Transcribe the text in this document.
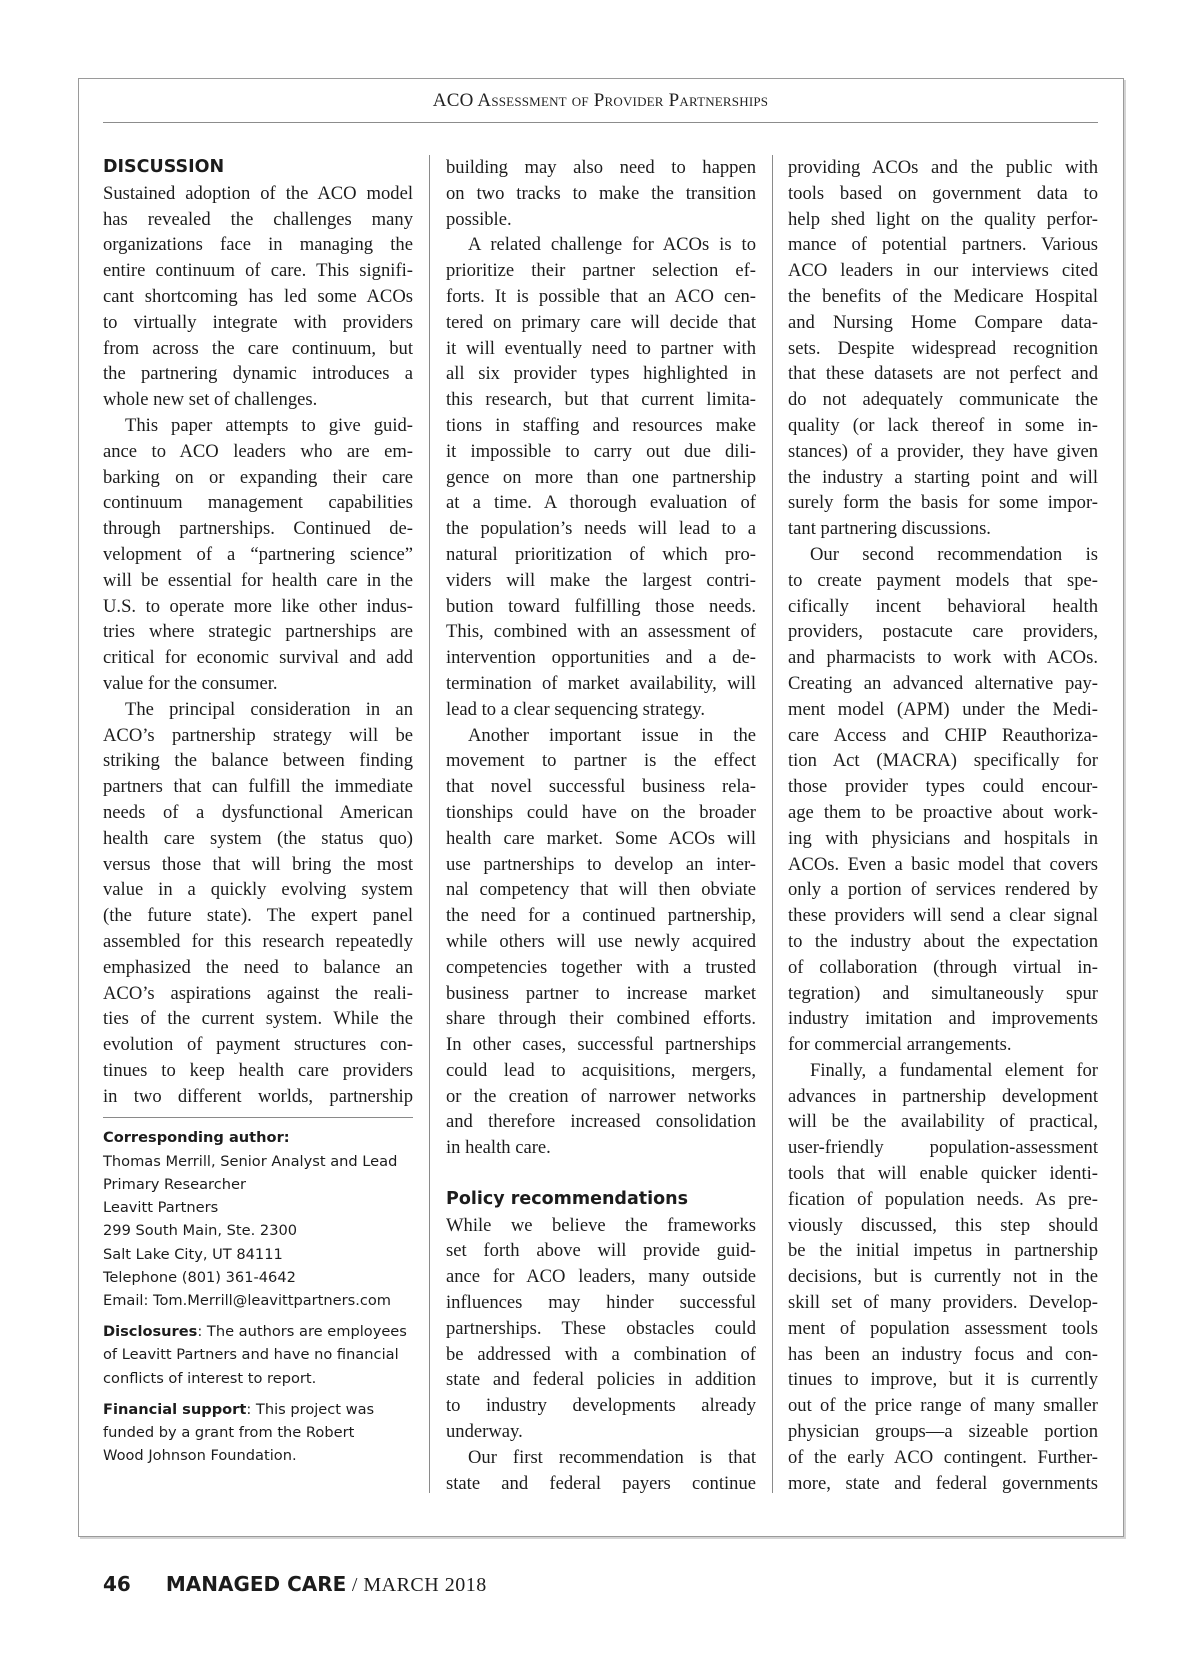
ACO Assessment of Provider Partnerships
DISCUSSION
Sustained adoption of the ACO model
has revealed the challenges many
organizations face in managing the
entire continuum of care. This signifi-
cant shortcoming has led some ACOs
to virtually integrate with providers
from across the care continuum, but
the partnering dynamic introduces a
whole new set of challenges.
This paper attempts to give guid-
ance to ACO leaders who are em-
barking on or expanding their care
continuum management capabilities
through partnerships. Continued de-
velopment of a “partnering science”
will be essential for health care in the
U.S. to operate more like other indus-
tries where strategic partnerships are
critical for economic survival and add
value for the consumer.
The principal consideration in an
ACO’s partnership strategy will be
striking the balance between finding
partners that can fulfill the immediate
needs of a dysfunctional American
health care system (the status quo)
versus those that will bring the most
value in a quickly evolving system
(the future state). The expert panel
assembled for this research repeatedly
emphasized the need to balance an
ACO’s aspirations against the reali-
ties of the current system. While the
evolution of payment structures con-
tinues to keep health care providers
in two different worlds, partnership
Corresponding author:
Thomas Merrill, Senior Analyst and Lead
Primary Researcher
Leavitt Partners
299 South Main, Ste. 2300
Salt Lake City, UT 84111
Telephone (801) 361-4642
Email: Tom.Merrill@leavittpartners.com
Disclosures: The authors are employees
of Leavitt Partners and have no financial
conflicts of interest to report.
Financial support: This project was
funded by a grant from the Robert
Wood Johnson Foundation.
building may also need to happen
on two tracks to make the transition
possible.
A related challenge for ACOs is to
prioritize their partner selection ef-
forts. It is possible that an ACO cen-
tered on primary care will decide that
it will eventually need to partner with
all six provider types highlighted in
this research, but that current limita-
tions in staffing and resources make
it impossible to carry out due dili-
gence on more than one partnership
at a time. A thorough evaluation of
the population’s needs will lead to a
natural prioritization of which pro-
viders will make the largest contri-
bution toward fulfilling those needs.
This, combined with an assessment of
intervention opportunities and a de-
termination of market availability, will
lead to a clear sequencing strategy.
Another important issue in the
movement to partner is the effect
that novel successful business rela-
tionships could have on the broader
health care market. Some ACOs will
use partnerships to develop an inter-
nal competency that will then obviate
the need for a continued partnership,
while others will use newly acquired
competencies together with a trusted
business partner to increase market
share through their combined efforts.
In other cases, successful partnerships
could lead to acquisitions, mergers,
or the creation of narrower networks
and therefore increased consolidation
in health care.
Policy recommendations
While we believe the frameworks
set forth above will provide guid-
ance for ACO leaders, many outside
influences may hinder successful
partnerships. These obstacles could
be addressed with a combination of
state and federal policies in addition
to industry developments already
underway.
Our first recommendation is that
state and federal payers continue
providing ACOs and the public with
tools based on government data to
help shed light on the quality perfor-
mance of potential partners. Various
ACO leaders in our interviews cited
the benefits of the Medicare Hospital
and Nursing Home Compare data-
sets. Despite widespread recognition
that these datasets are not perfect and
do not adequately communicate the
quality (or lack thereof in some in-
stances) of a provider, they have given
the industry a starting point and will
surely form the basis for some impor-
tant partnering discussions.
Our second recommendation is
to create payment models that spe-
cifically incent behavioral health
providers, postacute care providers,
and pharmacists to work with ACOs.
Creating an advanced alternative pay-
ment model (APM) under the Medi-
care Access and CHIP Reauthoriza-
tion Act (MACRA) specifically for
those provider types could encour-
age them to be proactive about work-
ing with physicians and hospitals in
ACOs. Even a basic model that covers
only a portion of services rendered by
these providers will send a clear signal
to the industry about the expectation
of collaboration (through virtual in-
tegration) and simultaneously spur
industry imitation and improvements
for commercial arrangements.
Finally, a fundamental element for
advances in partnership development
will be the availability of practical,
user-friendly population-assessment
tools that will enable quicker identi-
fication of population needs. As pre-
viously discussed, this step should
be the initial impetus in partnership
decisions, but is currently not in the
skill set of many providers. Develop-
ment of population assessment tools
has been an industry focus and con-
tinues to improve, but it is currently
out of the price range of many smaller
physician groups—a sizeable portion
of the early ACO contingent. Further-
more, state and federal governments
46 MANAGED CARE / MARCH 2018
